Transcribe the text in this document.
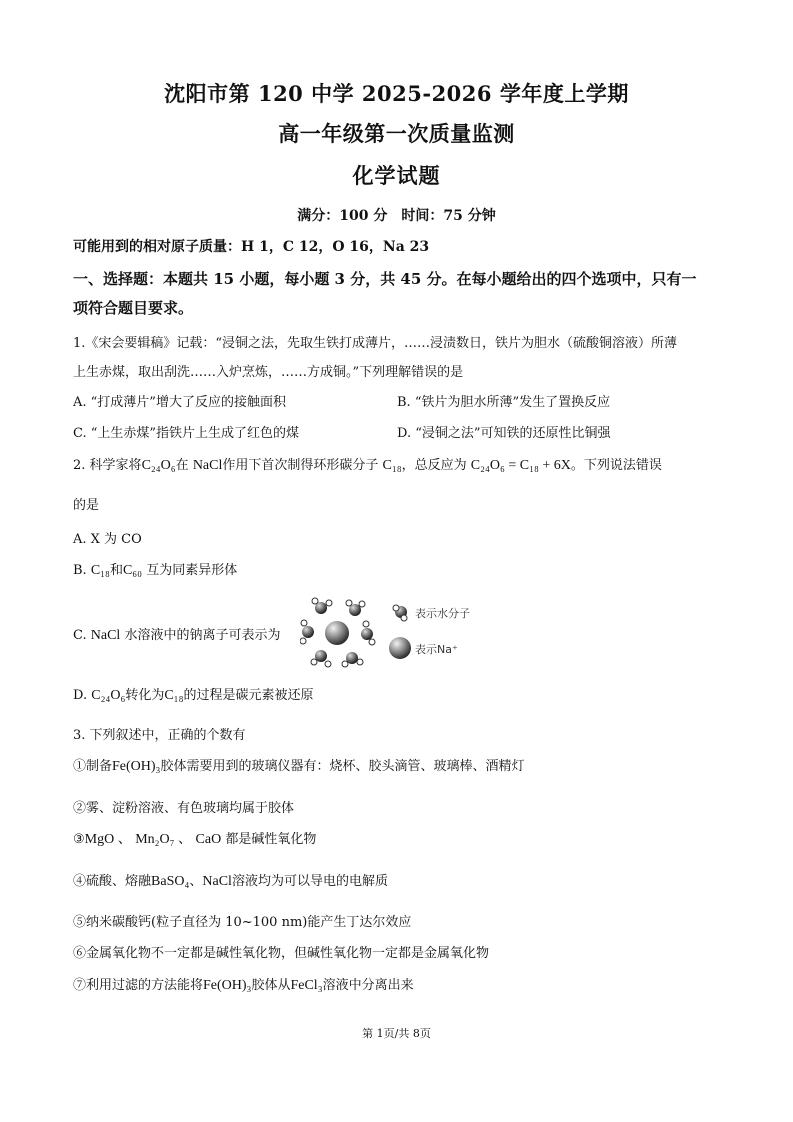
沈阳市第 120 中学 2025-2026 学年度上学期
高一年级第一次质量监测
化学试题
满分：100 分　时间：75 分钟
可能用到的相对原子质量：H 1，C 12，O 16，Na 23
一、选择题：本题共 15 小题，每小题 3 分，共 45 分。在每小题给出的四个选项中，只有一
项符合题目要求。
1.《宋会要辑稿》记载：“浸铜之法，先取生铁打成薄片，……浸渍数日，铁片为胆水（硫酸铜溶液）所薄
上生赤煤，取出刮洗……入炉烹炼，……方成铜。”下列理解错误的是
A. “打成薄片”增大了反应的接触面积	B. “铁片为胆水所薄”发生了置换反应
C. “上生赤煤”指铁片上生成了红色的煤	D. “浸铜之法”可知铁的还原性比铜强
2. 科学家将C₂₄O₆在 NaCl作用下首次制得环形碳分子 C₁₈，总反应为 C₂₄O₆ = C₁₈ + 6X。下列说法错误
的是
A. X 为 CO
B. C₁₈和C₆₀ 互为同素异形体
C. NaCl 水溶液中的钠离子可表示为
表示水分子
表示Na⁺
D. C₂₄O₆转化为C₁₈的过程是碳元素被还原
3. 下列叙述中，正确的个数有
①制备Fe(OH)₃胶体需要用到的玻璃仪器有：烧杯、胶头滴管、玻璃棒、酒精灯
②雾、淀粉溶液、有色玻璃均属于胶体
③MgO 、 Mn₂O₇ 、 CaO 都是碱性氧化物
④硫酸、熔融BaSO₄、NaCl溶液均为可以导电的电解质
⑤纳米碳酸钙(粒子直径为 10~100 nm)能产生丁达尔效应
⑥金属氧化物不一定都是碱性氧化物，但碱性氧化物一定都是金属氧化物
⑦利用过滤的方法能将Fe(OH)₃胶体从FeCl₃溶液中分离出来
第 1页/共 8页
